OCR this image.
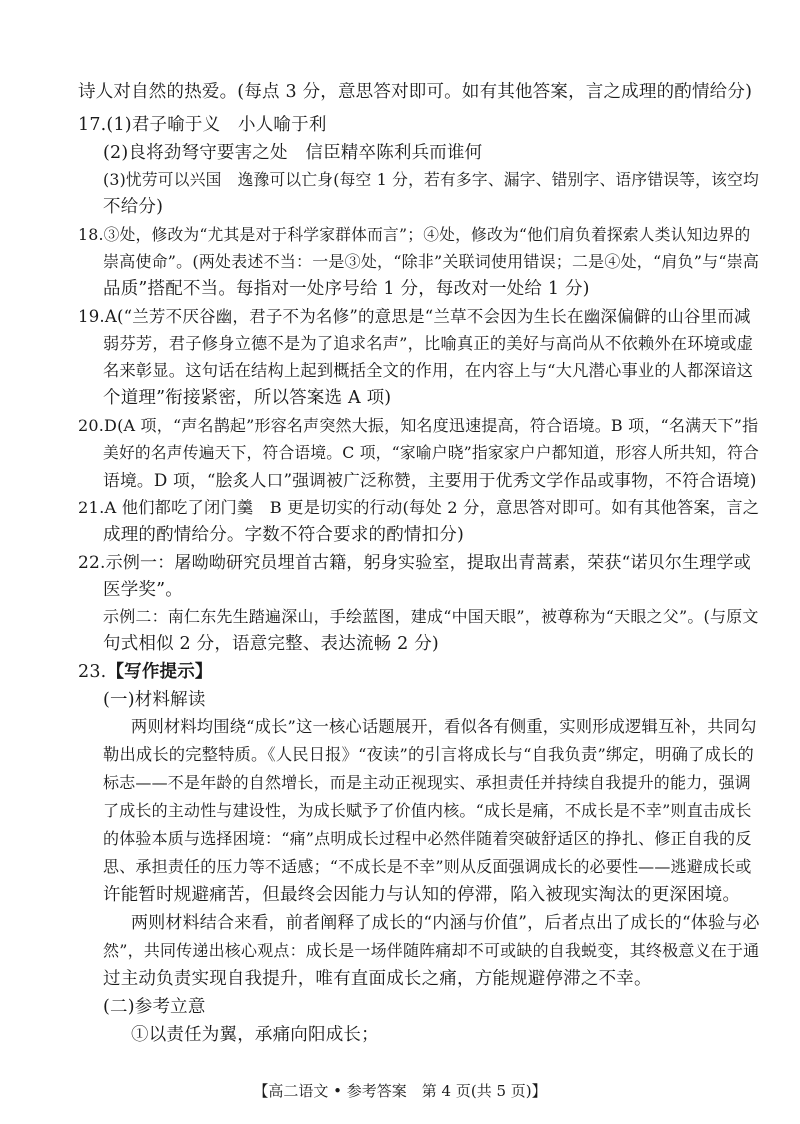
诗人对自然的热爱。(每点 3 分，意思答对即可。如有其他答案，言之成理的酌情给分)
17.(1)君子喻于义　小人喻于利
(2)良将劲弩守要害之处　信臣精卒陈利兵而谁何
(3)忧劳可以兴国　逸豫可以亡身(每空 1 分，若有多字、漏字、错别字、语序错误等，该空均
不给分)
18.③处，修改为“尤其是对于科学家群体而言”；④处，修改为“他们肩负着探索人类认知边界的
崇高使命”。(两处表述不当：一是③处，“除非”关联词使用错误；二是④处，“肩负”与“崇高
品质”搭配不当。每指对一处序号给 1 分，每改对一处给 1 分)
19.A(“兰芳不厌谷幽，君子不为名修”的意思是“兰草不会因为生长在幽深偏僻的山谷里而减
弱芬芳，君子修身立德不是为了追求名声”，比喻真正的美好与高尚从不依赖外在环境或虚
名来彰显。这句话在结构上起到概括全文的作用，在内容上与“大凡潜心事业的人都深谙这
个道理”衔接紧密，所以答案选 A 项)
20.D(A 项，“声名鹊起”形容名声突然大振，知名度迅速提高，符合语境。B 项，“名满天下”指
美好的名声传遍天下，符合语境。C 项，“家喻户晓”指家家户户都知道，形容人所共知，符合
语境。D 项，“脍炙人口”强调被广泛称赞，主要用于优秀文学作品或事物，不符合语境)
21.A 他们都吃了闭门羹　B 更是切实的行动(每处 2 分，意思答对即可。如有其他答案，言之
成理的酌情给分。字数不符合要求的酌情扣分)
22.示例一：屠呦呦研究员埋首古籍，躬身实验室，提取出青蒿素，荣获“诺贝尔生理学或
医学奖”。
示例二：南仁东先生踏遍深山，手绘蓝图，建成“中国天眼”，被尊称为“天眼之父”。(与原文
句式相似 2 分，语意完整、表达流畅 2 分)
23.【写作提示】
(一)材料解读
两则材料均围绕“成长”这一核心话题展开，看似各有侧重，实则形成逻辑互补，共同勾
勒出成长的完整特质。《人民日报》“夜读”的引言将成长与“自我负责”绑定，明确了成长的
标志——不是年龄的自然增长，而是主动正视现实、承担责任并持续自我提升的能力，强调
了成长的主动性与建设性，为成长赋予了价值内核。“成长是痛，不成长是不幸”则直击成长
的体验本质与选择困境：“痛”点明成长过程中必然伴随着突破舒适区的挣扎、修正自我的反
思、承担责任的压力等不适感；“不成长是不幸”则从反面强调成长的必要性——逃避成长或
许能暂时规避痛苦，但最终会因能力与认知的停滞，陷入被现实淘汰的更深困境。
两则材料结合来看，前者阐释了成长的“内涵与价值”，后者点出了成长的“体验与必
然”，共同传递出核心观点：成长是一场伴随阵痛却不可或缺的自我蜕变，其终极意义在于通
过主动负责实现自我提升，唯有直面成长之痛，方能规避停滞之不幸。
(二)参考立意
①以责任为翼，承痛向阳成长；
【高二语文 • 参考答案　第 4 页(共 5 页)】
